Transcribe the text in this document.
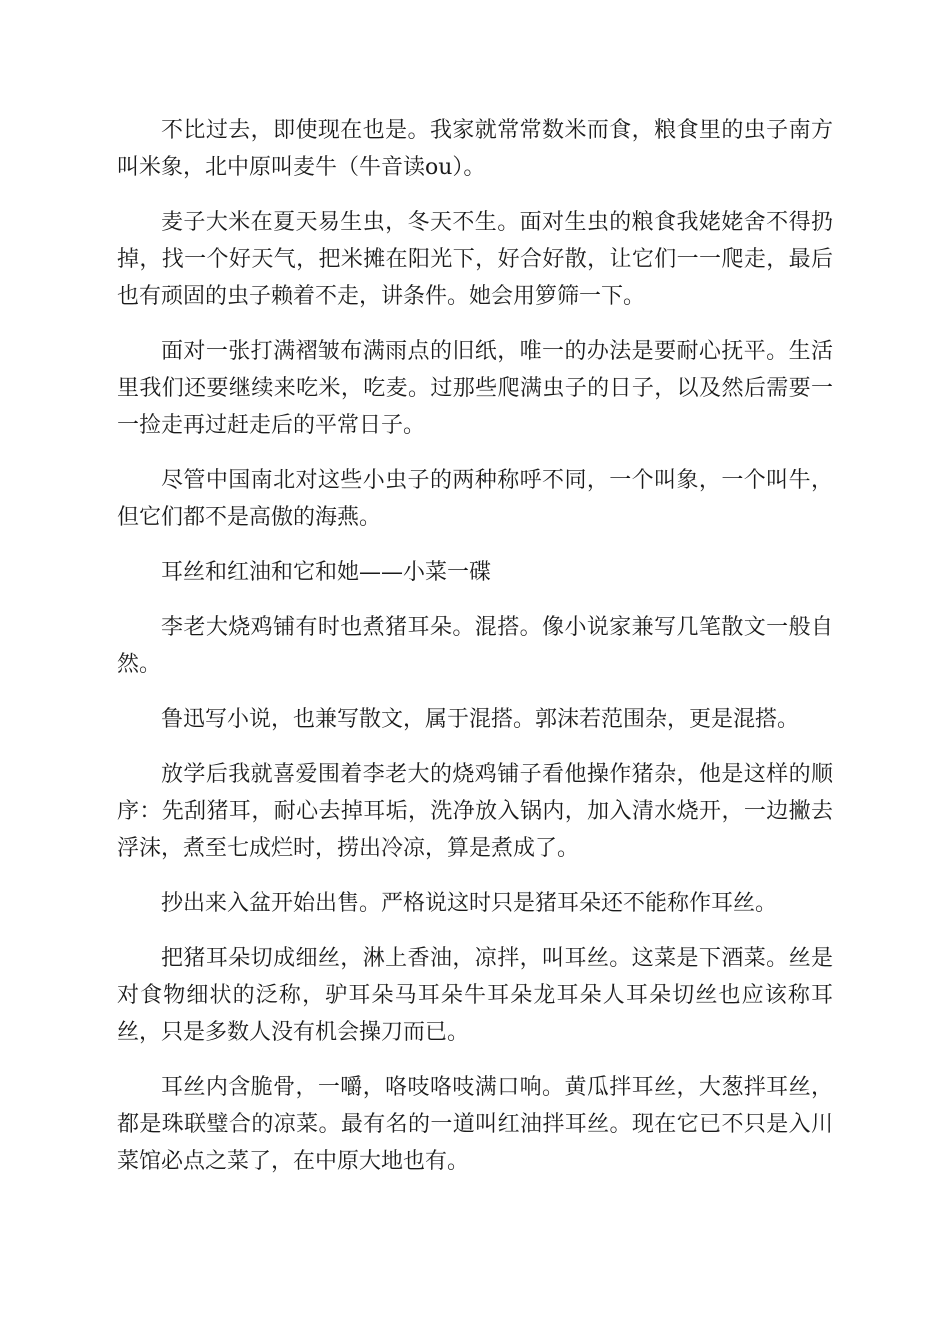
不比过去，即使现在也是。我家就常常数米而食，粮食里的虫子南方叫米象，北中原叫麦牛（牛音读ou）。

麦子大米在夏天易生虫，冬天不生。面对生虫的粮食我姥姥舍不得扔掉，找一个好天气，把米摊在阳光下，好合好散，让它们一一爬走，最后也有顽固的虫子赖着不走，讲条件。她会用箩筛一下。

面对一张打满褶皱布满雨点的旧纸，唯一的办法是要耐心抚平。生活里我们还要继续来吃米，吃麦。过那些爬满虫子的日子，以及然后需要一一捡走再过赶走后的平常日子。

尽管中国南北对这些小虫子的两种称呼不同，一个叫象，一个叫牛，但它们都不是高傲的海燕。

耳丝和红油和它和她——小菜一碟

李老大烧鸡铺有时也煮猪耳朵。混搭。像小说家兼写几笔散文一般自然。

鲁迅写小说，也兼写散文，属于混搭。郭沫若范围杂，更是混搭。

放学后我就喜爱围着李老大的烧鸡铺子看他操作猪杂，他是这样的顺序：先刮猪耳，耐心去掉耳垢，洗净放入锅内，加入清水烧开，一边撇去浮沫，煮至七成烂时，捞出冷凉，算是煮成了。

抄出来入盆开始出售。严格说这时只是猪耳朵还不能称作耳丝。

把猪耳朵切成细丝，淋上香油，凉拌，叫耳丝。这菜是下酒菜。丝是对食物细状的泛称，驴耳朵马耳朵牛耳朵龙耳朵人耳朵切丝也应该称耳丝，只是多数人没有机会操刀而已。

耳丝内含脆骨，一嚼，咯吱咯吱满口响。黄瓜拌耳丝，大葱拌耳丝，都是珠联璧合的凉菜。最有名的一道叫红油拌耳丝。现在它已不只是入川菜馆必点之菜了，在中原大地也有。
